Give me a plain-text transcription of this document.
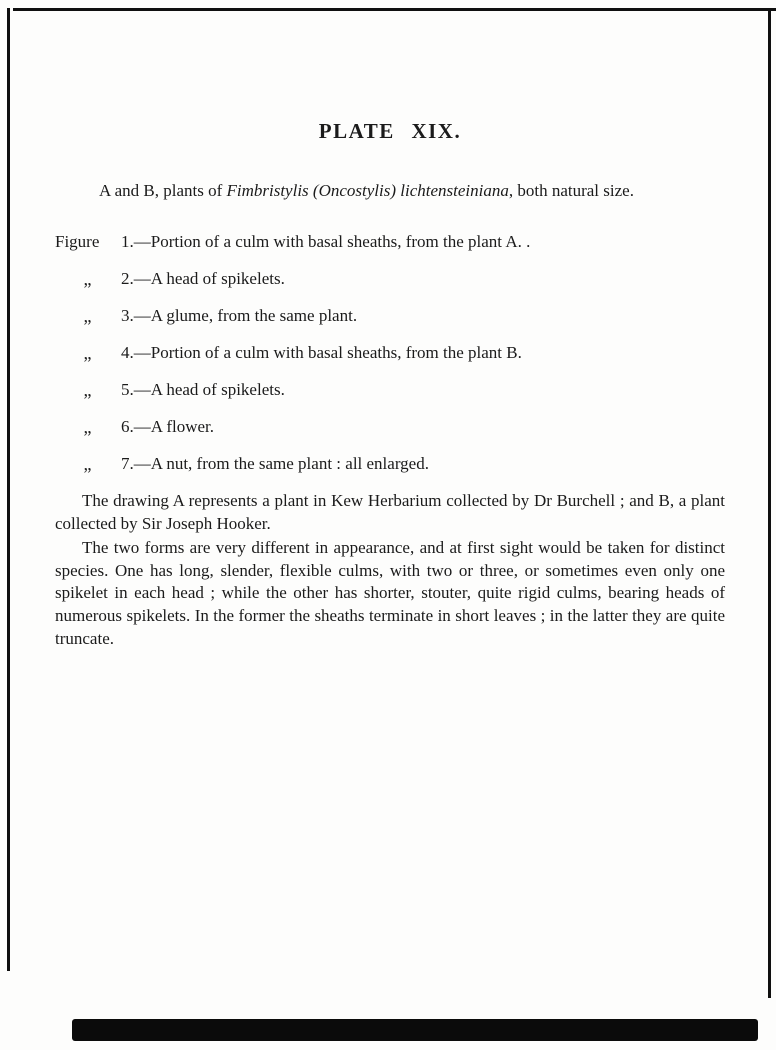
PLATE XIX.

A and B, plants of Fimbristylis (Oncostylis) lichtensteiniana, both natural size.

Figure	1.—Portion of a culm with basal sheaths, from the plant A. .
„	2.—A head of spikelets.
„	3.—A glume, from the same plant.
„	4.—Portion of a culm with basal sheaths, from the plant B.
„	5.—A head of spikelets.
„	6.—A flower.
„	7.—A nut, from the same plant : all enlarged.

The drawing A represents a plant in Kew Herbarium collected by Dr Burchell ; and B, a plant collected by Sir Joseph Hooker.

The two forms are very different in appearance, and at first sight would be taken for distinct species. One has long, slender, flexible culms, with two or three, or sometimes even only one spikelet in each head ; while the other has shorter, stouter, quite rigid culms, bearing heads of numerous spikelets. In the former the sheaths terminate in short leaves ; in the latter they are quite truncate.
